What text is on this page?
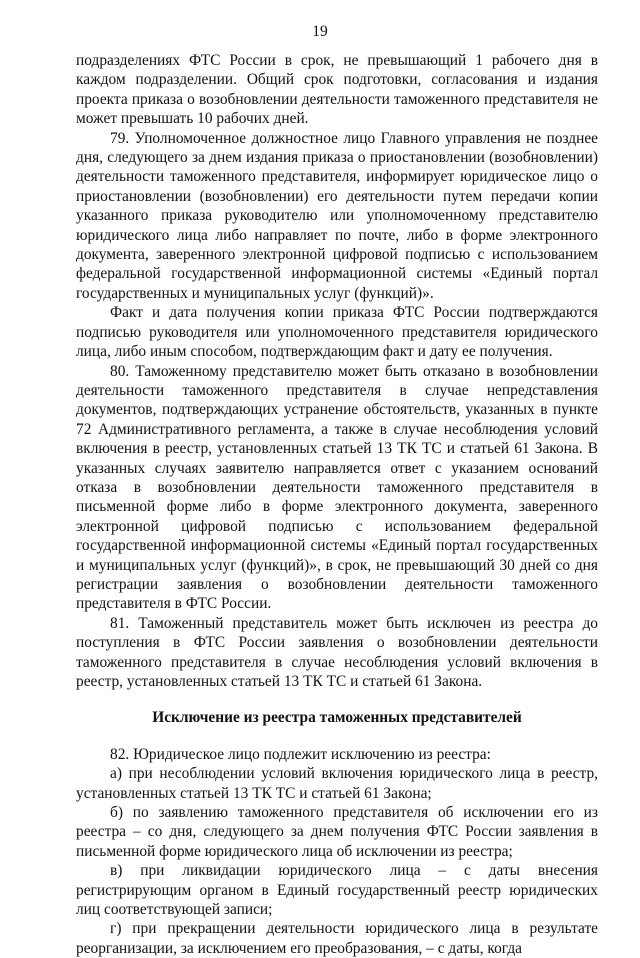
19

подразделениях ФТС России в срок, не превышающий 1 рабочего дня в каждом подразделении. Общий срок подготовки, согласования и издания проекта приказа о возобновлении деятельности таможенного представителя не может превышать 10 рабочих дней.

79. Уполномоченное должностное лицо Главного управления не позднее дня, следующего за днем издания приказа о приостановлении (возобновлении) деятельности таможенного представителя, информирует юридическое лицо о приостановлении (возобновлении) его деятельности путем передачи копии указанного приказа руководителю или уполномоченному представителю юридического лица либо направляет по почте, либо в форме электронного документа, заверенного электронной цифровой подписью с использованием федеральной государственной информационной системы «Единый портал государственных и муниципальных услуг (функций)».

Факт и дата получения копии приказа ФТС России подтверждаются подписью руководителя или уполномоченного представителя юридического лица, либо иным способом, подтверждающим факт и дату ее получения.

80. Таможенному представителю может быть отказано в возобновлении деятельности таможенного представителя в случае непредставления документов, подтверждающих устранение обстоятельств, указанных в пункте 72 Административного регламента, а также в случае несоблюдения условий включения в реестр, установленных статьей 13 ТК ТС и статьей 61 Закона. В указанных случаях заявителю направляется ответ с указанием оснований отказа в возобновлении деятельности таможенного представителя в письменной форме либо в форме электронного документа, заверенного электронной цифровой подписью с использованием федеральной государственной информационной системы «Единый портал государственных и муниципальных услуг (функций)», в срок, не превышающий 30 дней со дня регистрации заявления о возобновлении деятельности таможенного представителя в ФТС России.

81. Таможенный представитель может быть исключен из реестра до поступления в ФТС России заявления о возобновлении деятельности таможенного представителя в случае несоблюдения условий включения в реестр, установленных статьей 13 ТК ТС и статьей 61 Закона.

Исключение из реестра таможенных представителей

82. Юридическое лицо подлежит исключению из реестра:

а) при несоблюдении условий включения юридического лица в реестр, установленных статьей 13 ТК ТС и статьей 61 Закона;

б) по заявлению таможенного представителя об исключении его из реестра – со дня, следующего за днем получения ФТС России заявления в письменной форме юридического лица об исключении из реестра;

в) при ликвидации юридического лица – с даты внесения регистрирующим органом в Единый государственный реестр юридических лиц соответствующей записи;

г) при прекращении деятельности юридического лица в результате реорганизации, за исключением его преобразования, – с даты, когда
